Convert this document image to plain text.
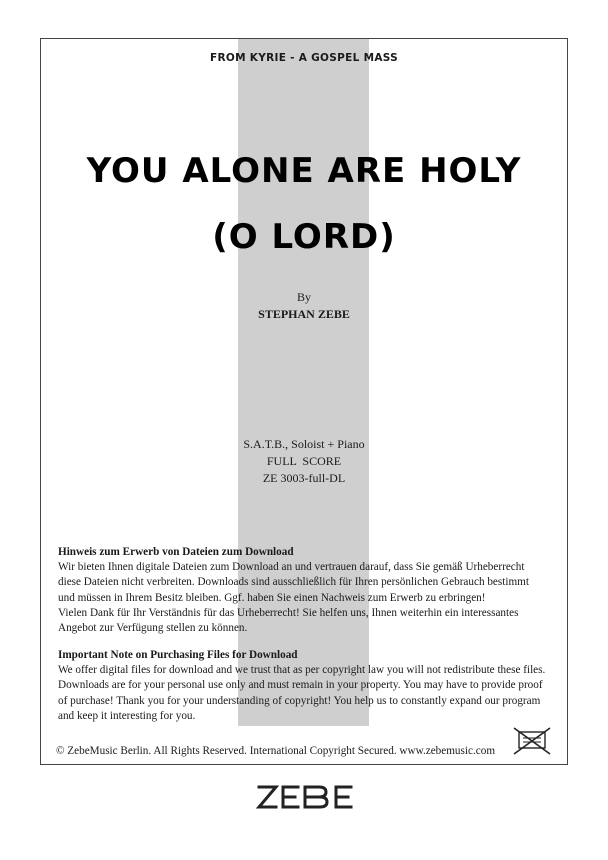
FROM KYRIE - A GOSPEL MASS
YOU ALONE ARE HOLY
(O LORD)
By
STEPHAN ZEBE
S.A.T.B., Soloist + Piano
FULL  SCORE
ZE 3003-full-DL
Hinweis zum Erwerb von Dateien zum Download
Wir bieten Ihnen digitale Dateien zum Download an und vertrauen darauf, dass Sie gemäß Urheberrecht
diese Dateien nicht verbreiten. Downloads sind ausschließlich für Ihren persönlichen Gebrauch bestimmt
und müssen in Ihrem Besitz bleiben. Ggf. haben Sie einen Nachweis zum Erwerb zu erbringen!
Vielen Dank für Ihr Verständnis für das Urheberrecht! Sie helfen uns, Ihnen weiterhin ein interessantes
Angebot zur Verfügung stellen zu können.
Important Note on Purchasing Files for Download
We offer digital files for download and we trust that as per copyright law you will not redistribute these files.
Downloads are for your personal use only and must remain in your property. You may have to provide proof
of purchase! Thank you for your understanding of copyright! You help us to constantly expand our program
and keep it interesting for you.
© ZebeMusic Berlin. All Rights Reserved. International Copyright Secured. www.zebemusic.com
